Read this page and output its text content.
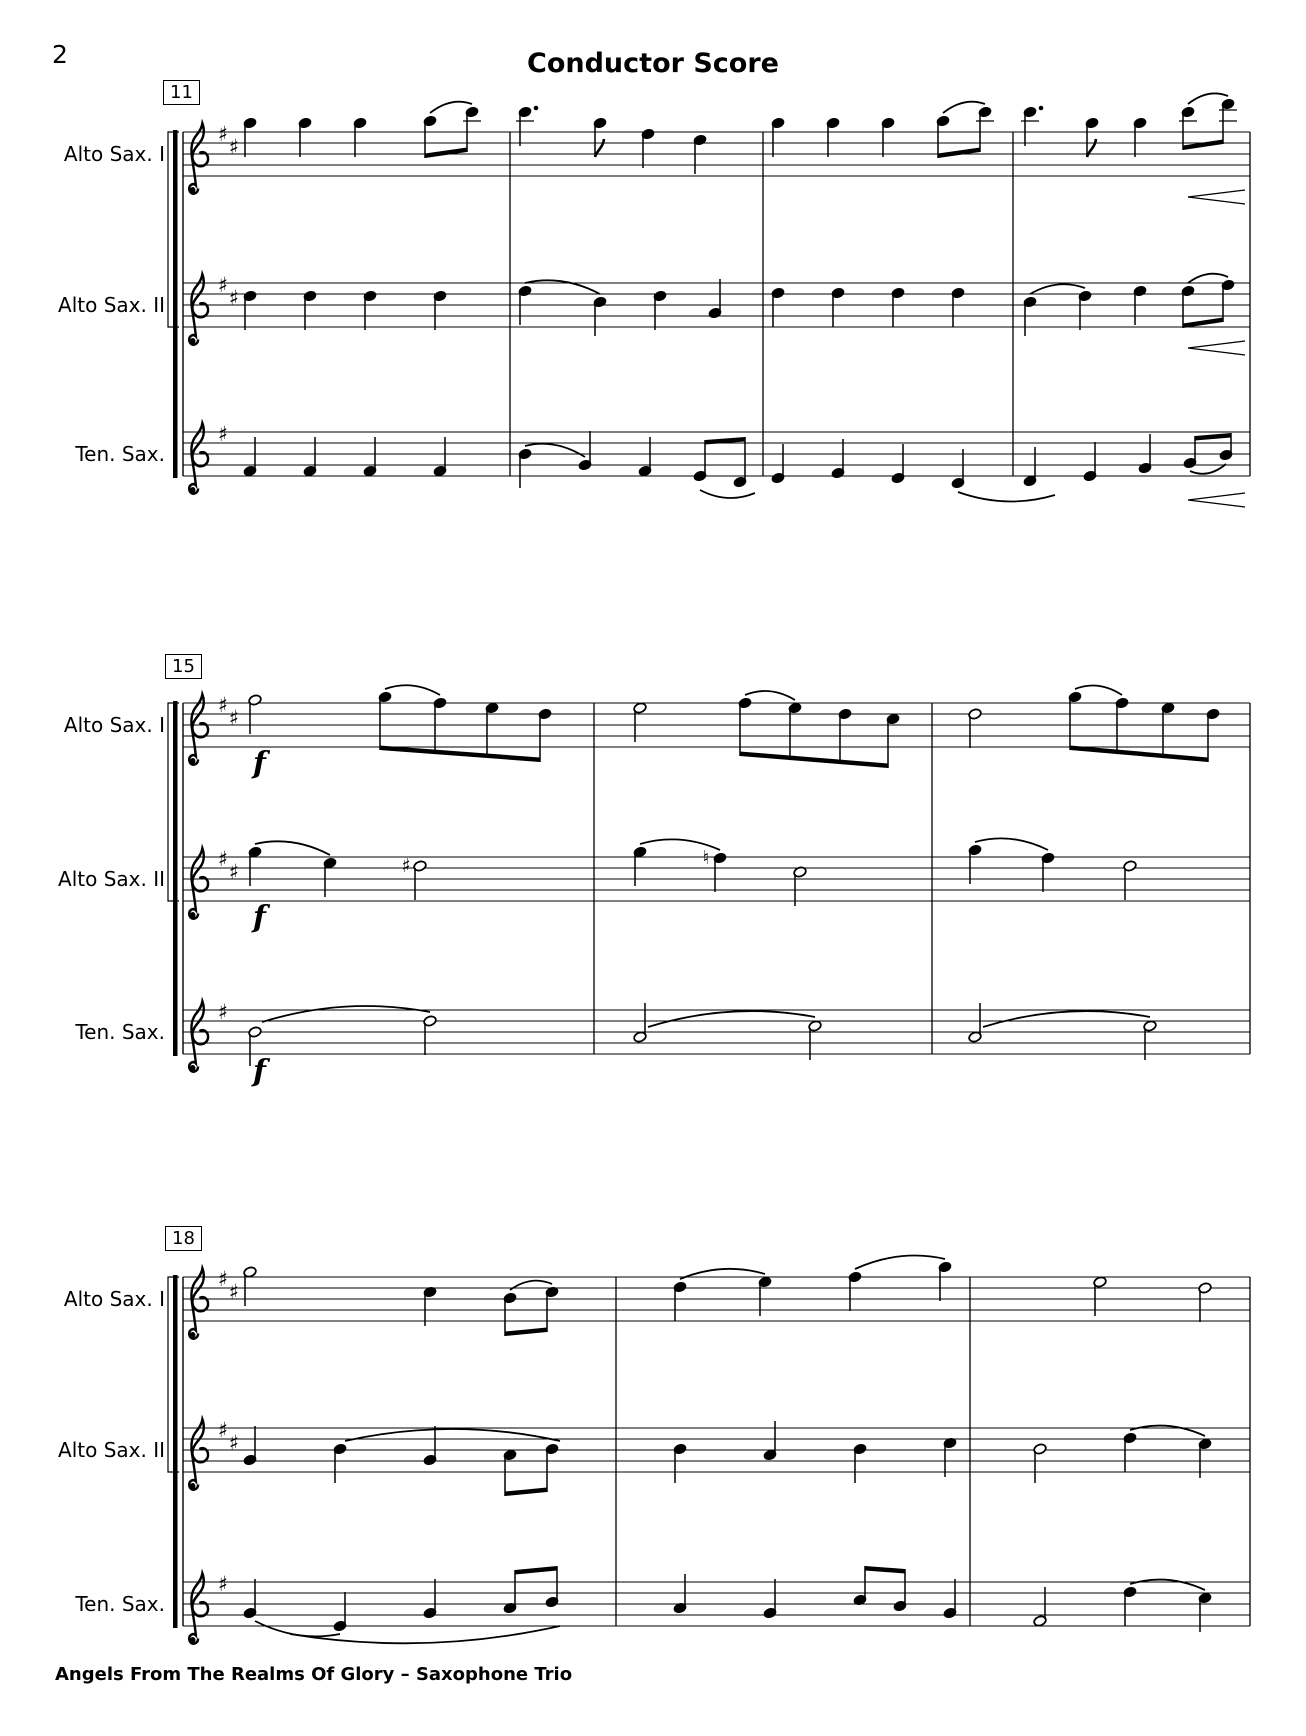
2	Conductor Score
♯
♯
♯
♯
♯
♯
♯
♯
♯	♯	♮
♯
♯
♯
♯
♯
♯
Angels From The Realms Of Glory – Saxophone Trio
Alto Sax. I
Alto Sax. II
Ten. Sax.
11
Alto Sax. I
f
Alto Sax. II
f
Ten. Sax.
f
15
Alto Sax. I
Alto Sax. II
Ten. Sax.
18
